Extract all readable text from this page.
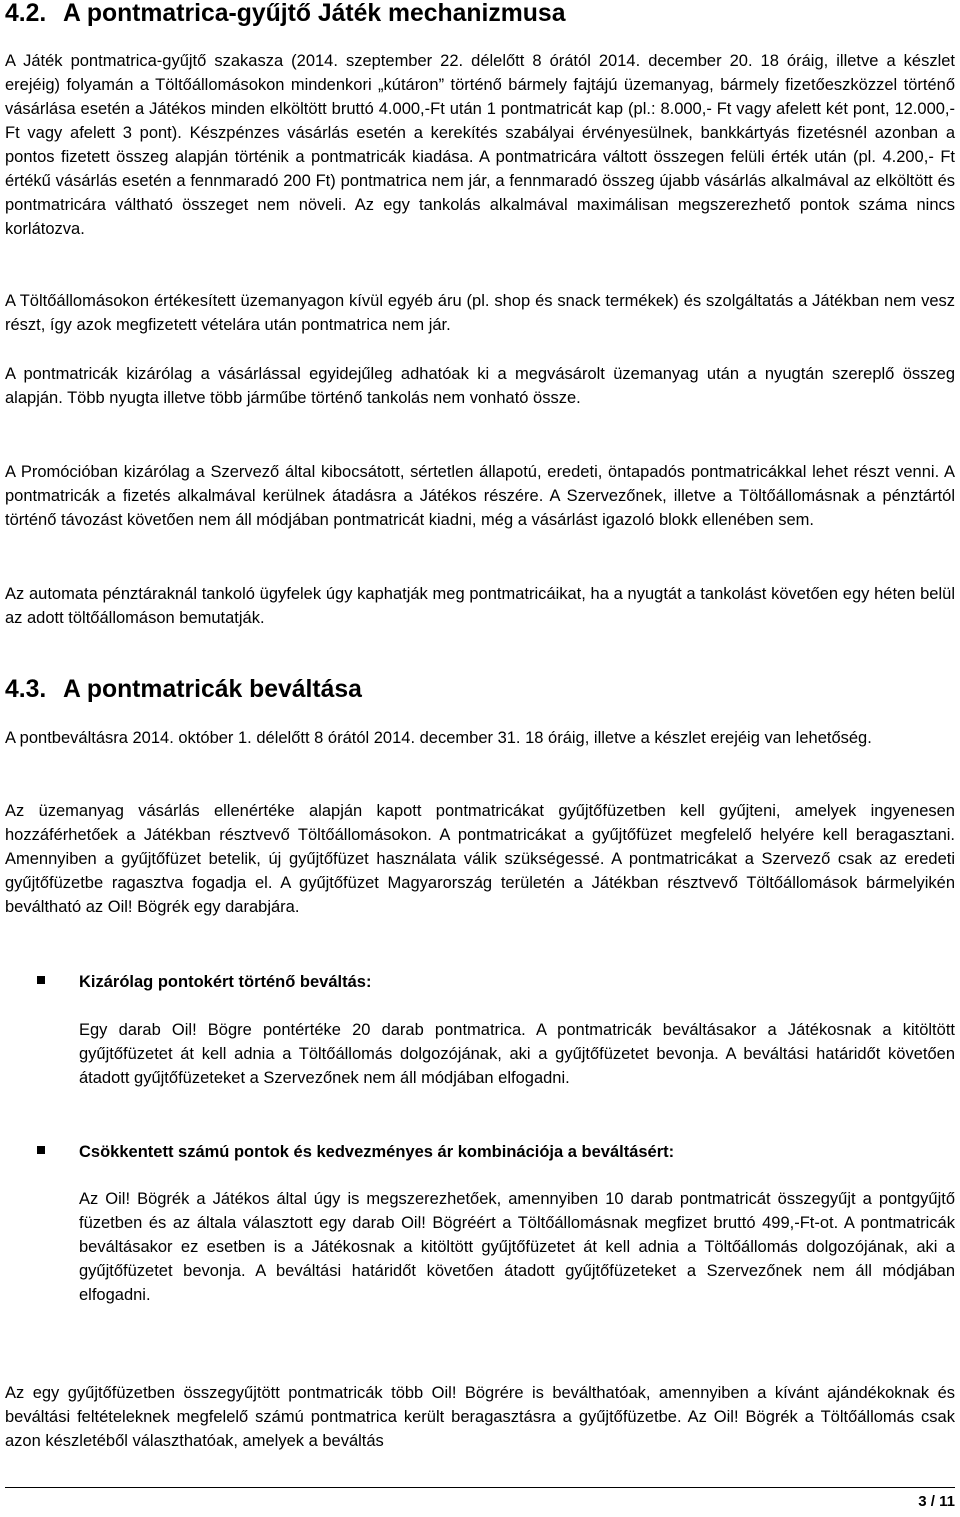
4.2. A pontmatrica-gyűjtő Játék mechanizmusa

A Játék pontmatrica-gyűjtő szakasza (2014. szeptember 22. délelőtt 8 órától 2014. december 20. 18 óráig, illetve a készlet erejéig) folyamán a Töltőállomásokon mindenkori „kútáron” történő bármely fajtájú üzemanyag, bármely fizetőeszközzel történő vásárlása esetén a Játékos minden elköltött bruttó 4.000,-Ft után 1 pontmatricát kap (pl.: 8.000,- Ft vagy afelett két pont, 12.000,- Ft vagy afelett 3 pont). Készpénzes vásárlás esetén a kerekítés szabályai érvényesülnek, bankkártyás fizetésnél azonban a pontos fizetett összeg alapján történik a pontmatricák kiadása. A pontmatricára váltott összegen felüli érték után (pl. 4.200,- Ft értékű vásárlás esetén a fennmaradó 200 Ft) pontmatrica nem jár, a fennmaradó összeg újabb vásárlás alkalmával az elköltött és pontmatricára váltható összeget nem növeli. Az egy tankolás alkalmával maximálisan megszerezhető pontok száma nincs korlátozva.

A Töltőállomásokon értékesített üzemanyagon kívül egyéb áru (pl. shop és snack termékek) és szolgáltatás a Játékban nem vesz részt, így azok megfizetett vételára után pontmatrica nem jár.

A pontmatricák kizárólag a vásárlással egyidejűleg adhatóak ki a megvásárolt üzemanyag után a nyugtán szereplő összeg alapján. Több nyugta illetve több járműbe történő tankolás nem vonható össze.

A Promócióban kizárólag a Szervező által kibocsátott, sértetlen állapotú, eredeti, öntapadós pontmatricákkal lehet részt venni. A pontmatricák a fizetés alkalmával kerülnek átadásra a Játékos részére. A Szervezőnek, illetve a Töltőállomásnak a pénztártól történő távozást követően nem áll módjában pontmatricát kiadni, még a vásárlást igazoló blokk ellenében sem.

Az automata pénztáraknál tankoló ügyfelek úgy kaphatják meg pontmatricáikat, ha a nyugtát a tankolást követően egy héten belül az adott töltőállomáson bemutatják.

4.3. A pontmatricák beváltása

A pontbeváltásra 2014. október 1. délelőtt 8 órától 2014. december 31. 18 óráig, illetve a készlet erejéig van lehetőség.

Az üzemanyag vásárlás ellenértéke alapján kapott pontmatricákat gyűjtőfüzetben kell gyűjteni, amelyek ingyenesen hozzáférhetőek a Játékban résztvevő Töltőállomásokon. A pontmatricákat a gyűjtőfüzet megfelelő helyére kell beragasztani. Amennyiben a gyűjtőfüzet betelik, új gyűjtőfüzet használata válik szükségessé. A pontmatricákat a Szervező csak az eredeti gyűjtőfüzetbe ragasztva fogadja el. A gyűjtőfüzet Magyarország területén a Játékban résztvevő Töltőállomások bármelyikén beváltható az Oil! Bögrék egy darabjára.

Kizárólag pontokért történő beváltás:

Egy darab Oil! Bögre pontértéke 20 darab pontmatrica. A pontmatricák beváltásakor a Játékosnak a kitöltött gyűjtőfüzetet át kell adnia a Töltőállomás dolgozójának, aki a gyűjtőfüzetet bevonja. A beváltási határidőt követően átadott gyűjtőfüzeteket a Szervezőnek nem áll módjában elfogadni.

Csökkentett számú pontok és kedvezményes ár kombinációja a beváltásért:

Az Oil! Bögrék a Játékos által úgy is megszerezhetőek, amennyiben 10 darab pontmatricát összegyűjt a pontgyűjtő füzetben és az általa választott egy darab Oil! Bögréért a Töltőállomásnak megfizet bruttó 499,-Ft-ot. A pontmatricák beváltásakor ez esetben is a Játékosnak a kitöltött gyűjtőfüzetet át kell adnia a Töltőállomás dolgozójának, aki a gyűjtőfüzetet bevonja. A beváltási határidőt követően átadott gyűjtőfüzeteket a Szervezőnek nem áll módjában elfogadni.

Az egy gyűjtőfüzetben összegyűjtött pontmatricák több Oil! Bögrére is beválthatóak, amennyiben a kívánt ajándékoknak és beváltási feltételeknek megfelelő számú pontmatrica került beragasztásra a gyűjtőfüzetbe. Az Oil! Bögrék a Töltőállomás csak azon készletéből választhatóak, amelyek a beváltás

3 / 11
